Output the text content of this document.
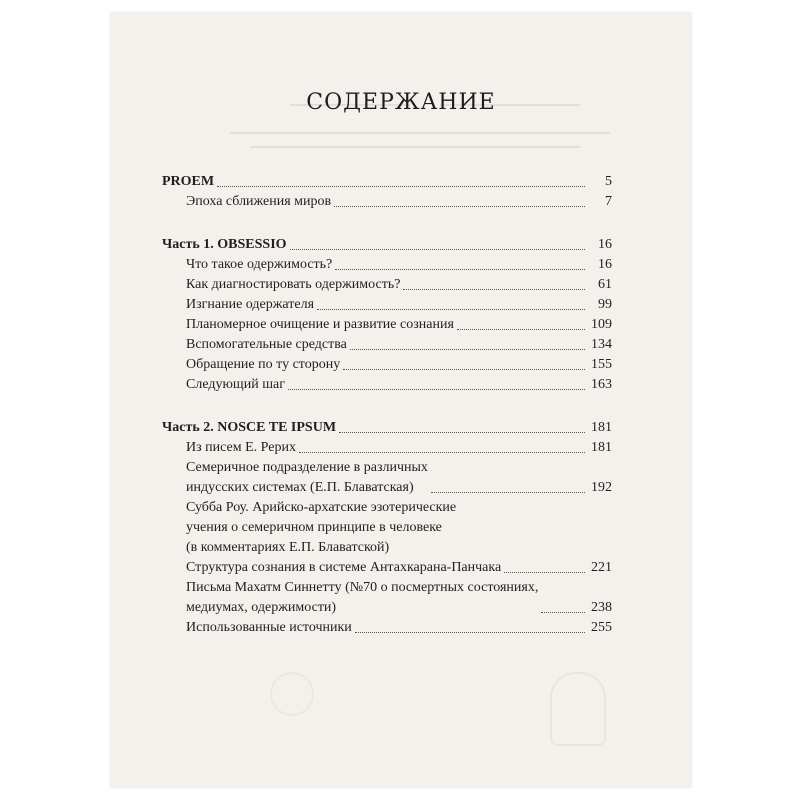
СОДЕРЖАНИЕ
PROEM	5
Эпоха сближения миров	7
Часть 1. OBSESSIO	16
Что такое одержимость?	16
Как диагностировать одержимость?	61
Изгнание одержателя	99
Планомерное очищение и развитие сознания	109
Вспомогательные средства	134
Обращение по ту сторону	155
Следующий шаг	163
Часть 2. NOSCE TE IPSUM	181
Из писем Е. Рерих	181
Семеричное подразделение в различных
индусских системах (Е.П. Блаватская)	192
Субба Роу. Арийско-архатские эзотерические
учения о семеричном принципе в человеке
(в комментариях Е.П. Блаватской)
Структура сознания в системе Антахкарана-Панчака	221
Письма Махатм Синнетту (№70 о посмертных состояниях,
медиумах, одержимости)	238
Использованные источники	255
